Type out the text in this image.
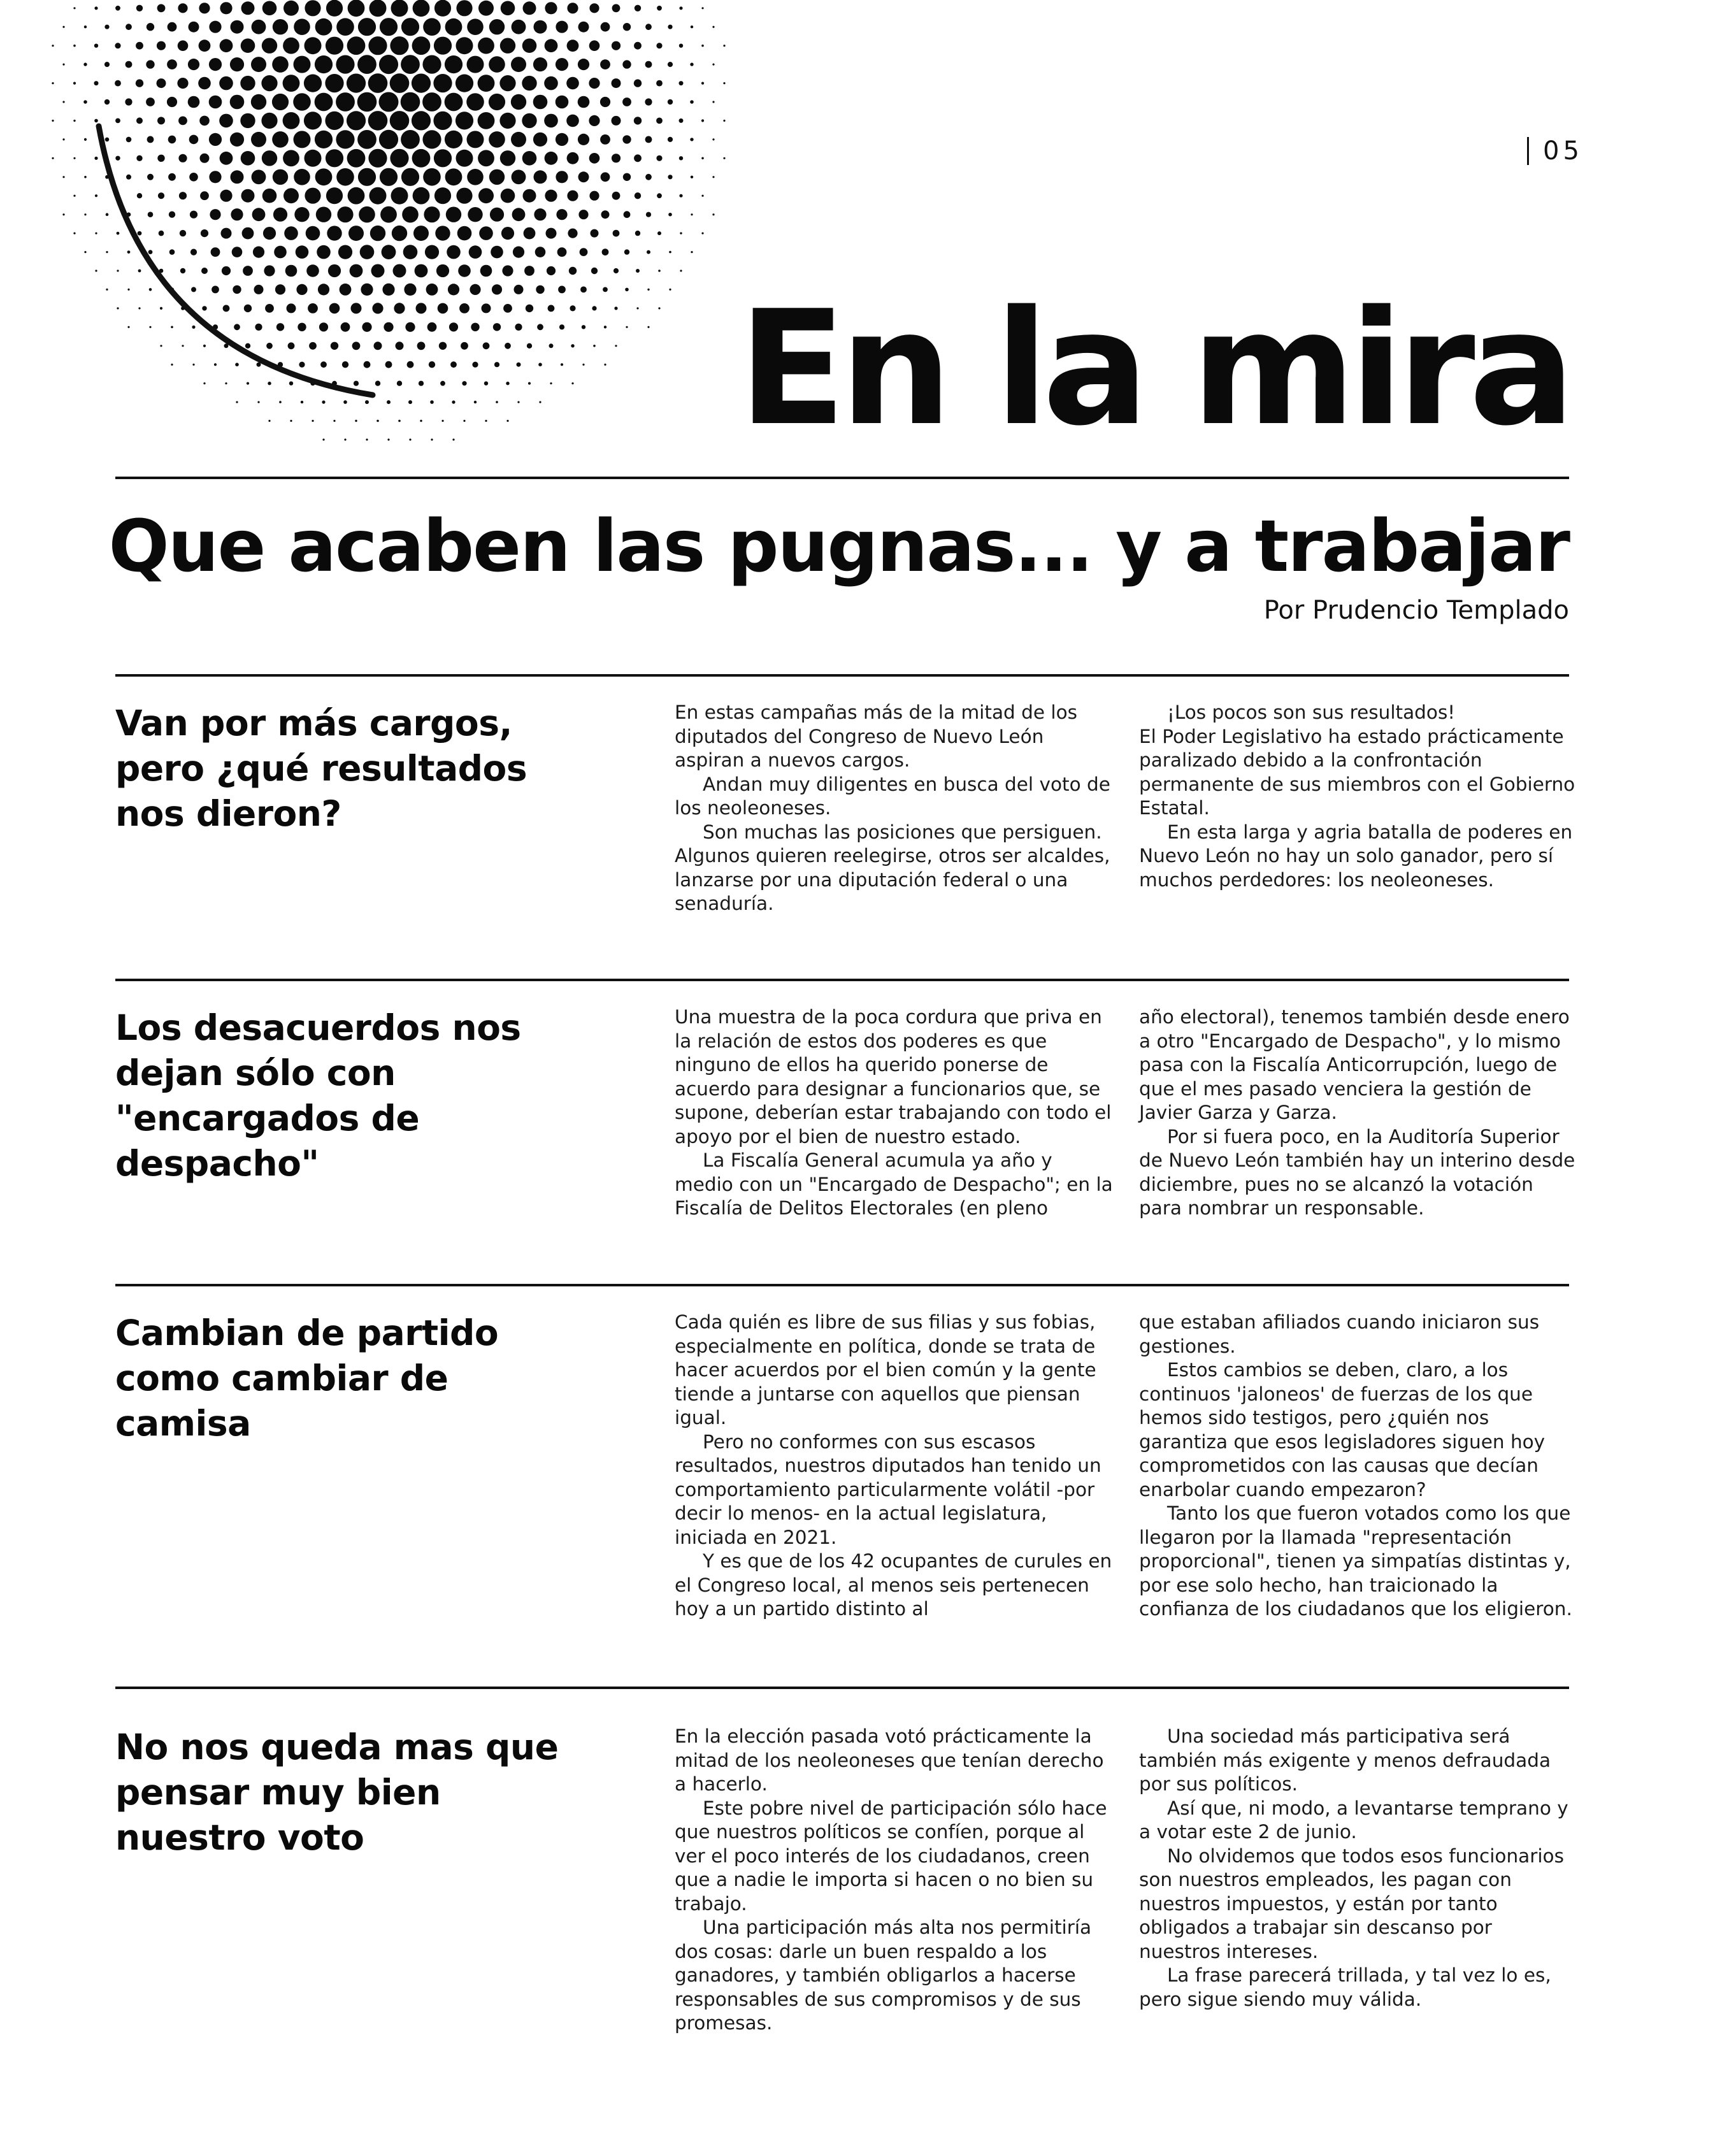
05
En la mira
Que acaben las pugnas... y a trabajar
Por Prudencio Templado
Van por más cargos, pero ¿qué resultados nos dieron?

En estas campañas más de la mitad de los diputados del Congreso de Nuevo León aspiran a nuevos cargos.

Andan muy diligentes en busca del voto de los neoleoneses.

Son muchas las posiciones que persiguen. Algunos quieren reelegirse, otros ser alcaldes, lanzarse por una diputación federal o una senaduría.

¡Los pocos son sus resultados!

El Poder Legislativo ha estado prácticamente paralizado debido a la confrontación permanente de sus miembros con el Gobierno Estatal.

En esta larga y agria batalla de poderes en Nuevo León no hay un solo ganador, pero sí muchos perdedores: los neoleoneses.

Los desacuerdos nos dejan sólo con "encargados de despacho"

Una muestra de la poca cordura que priva en la relación de estos dos poderes es que ninguno de ellos ha querido ponerse de acuerdo para designar a funcionarios que, se supone, deberían estar trabajando con todo el apoyo por el bien de nuestro estado.

La Fiscalía General acumula ya año y medio con un "Encargado de Despacho"; en la Fiscalía de Delitos Electorales (en pleno

año electoral), tenemos también desde enero a otro "Encargado de Despacho", y lo mismo pasa con la Fiscalía Anticorrupción, luego de que el mes pasado venciera la gestión de Javier Garza y Garza.

Por si fuera poco, en la Auditoría Superior de Nuevo León también hay un interino desde diciembre, pues no se alcanzó la votación para nombrar un responsable.

Cambian de partido como cambiar de camisa

Cada quién es libre de sus filias y sus fobias, especialmente en política, donde se trata de hacer acuerdos por el bien común y la gente tiende a juntarse con aquellos que piensan igual.

Pero no conformes con sus escasos resultados, nuestros diputados han tenido un comportamiento particularmente volátil -por decir lo menos- en la actual legislatura, iniciada en 2021.

Y es que de los 42 ocupantes de curules en el Congreso local, al menos seis pertenecen hoy a un partido distinto al

que estaban afiliados cuando iniciaron sus gestiones.

Estos cambios se deben, claro, a los continuos 'jaloneos' de fuerzas de los que hemos sido testigos, pero ¿quién nos garantiza que esos legisladores siguen hoy comprometidos con las causas que decían enarbolar cuando empezaron?

Tanto los que fueron votados como los que llegaron por la llamada "representación proporcional", tienen ya simpatías distintas y, por ese solo hecho, han traicionado la confianza de los ciudadanos que los eligieron.

No nos queda mas que pensar muy bien nuestro voto

En la elección pasada votó prácticamente la mitad de los neoleoneses que tenían derecho a hacerlo.

Este pobre nivel de participación sólo hace que nuestros políticos se confíen, porque al ver el poco interés de los ciudadanos, creen que a nadie le importa si hacen o no bien su trabajo.

Una participación más alta nos permitiría dos cosas: darle un buen respaldo a los ganadores, y también obligarlos a hacerse responsables de sus compromisos y de sus promesas.

Una sociedad más participativa será también más exigente y menos defraudada por sus políticos.

Así que, ni modo, a levantarse temprano y a votar este 2 de junio.

No olvidemos que todos esos funcionarios son nuestros empleados, les pagan con nuestros impuestos, y están por tanto obligados a trabajar sin descanso por nuestros intereses.

La frase parecerá trillada, y tal vez lo es, pero sigue siendo muy válida.
